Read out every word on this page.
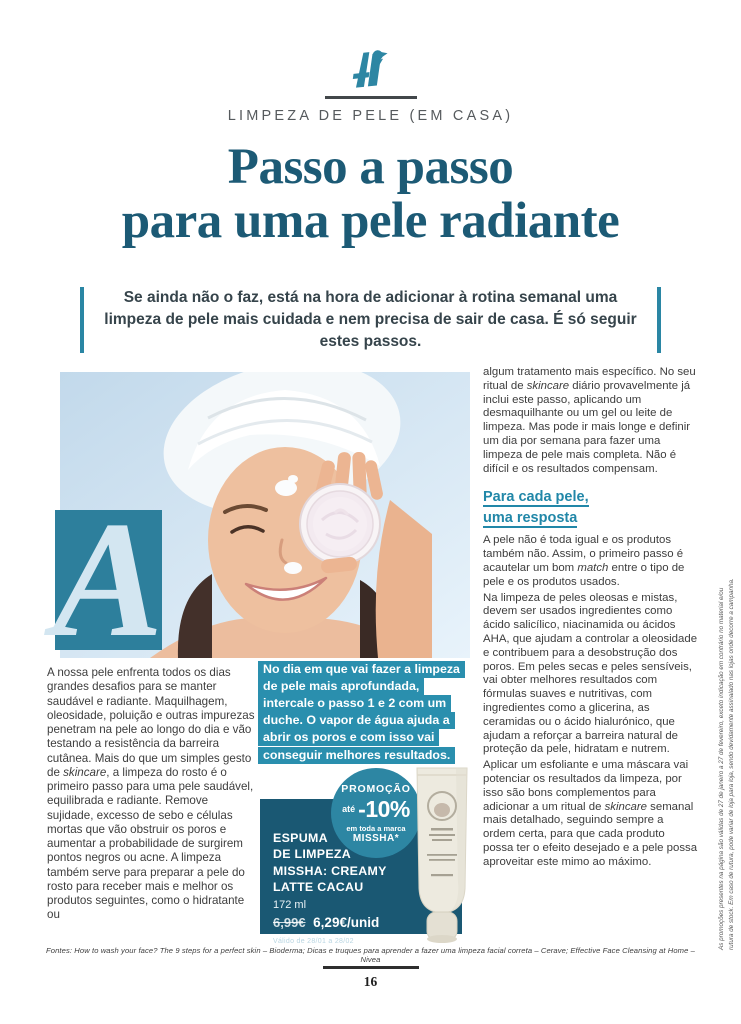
LIMPEZA DE PELE (EM CASA)
Passo a passo
para uma pele radiante
Se ainda não o faz, está na hora de adicionar à rotina semanal uma limpeza de pele mais cuidada e nem precisa de sair de casa. É só seguir estes passos.
A
A nossa pele enfrenta todos os dias grandes desafios para se manter saudável e radiante. Maquilhagem, oleosidade, poluição e outras impurezas penetram na pele ao longo do dia e vão testando a resistência da barreira cutânea. Mais do que um simples gesto de skincare, a limpeza do rosto é o primeiro passo para uma pele saudável, equilibrada e radiante. Remove sujidade, excesso de sebo e células mortas que vão obstruir os poros e aumentar a probabilidade de surgirem pontos negros ou acne. A limpeza também serve para preparar a pele do rosto para receber mais e melhor os produtos seguintes, como o hidratante ou
No dia em que vai fazer a limpeza de pele mais aprofundada, intercale o passo 1 e 2 com um duche. O vapor de água ajuda a abrir os poros e com isso vai conseguir melhores resultados.
ESPUMA
DE LIMPEZA
MISSHA: CREAMY
LATTE CACAU
172 ml
6,99€ 6,29€/unid
Válido de 28/01 a 28/02
PROMOÇÃO
até -10%
em toda a marca
MISSHA*

algum tratamento mais específico. No seu ritual de skincare diário provavelmente já inclui este passo, aplicando um desmaquilhante ou um gel ou leite de limpeza. Mas pode ir mais longe e definir um dia por semana para fazer uma limpeza de pele mais completa. Não é difícil e os resultados compensam.

Para cada pele,
uma resposta

A pele não é toda igual e os produtos também não. Assim, o primeiro passo é acautelar um bom match entre o tipo de pele e os produtos usados.

Na limpeza de peles oleosas e mistas, devem ser usados ingredientes como ácido salicílico, niacinamida ou ácidos AHA, que ajudam a controlar a oleosidade e contribuem para a desobstrução dos poros. Em peles secas e peles sensíveis, vai obter melhores resultados com fórmulas suaves e nutritivas, com ingredientes como a glicerina, as ceramidas ou o ácido hialurónico, que ajudam a reforçar a barreira natural de proteção da pele, hidratam e nutrem.

Aplicar um esfoliante e uma máscara vai potenciar os resultados da limpeza, por isso são bons complementos para adicionar a um ritual de skincare semanal mais detalhado, seguindo sempre a ordem certa, para que cada produto possa ter o efeito desejado e a pele possa aproveitar este mimo ao máximo.	As promoções presentes na página são válidas de 27 de janeiro a 27 de fevereiro, exceto indicação em contrário no material e/ou rutura de stock. Em caso de rutura, pode variar de loja para loja, sendo devidamente assinalado nas lojas onde decorre a campanha.
Fontes: How to wash your face? The 9 steps for a perfect skin – Bioderma; Dicas e truques para aprender a fazer uma limpeza facial correta – Cerave; Effective Face Cleansing at Home – Nivea
16
